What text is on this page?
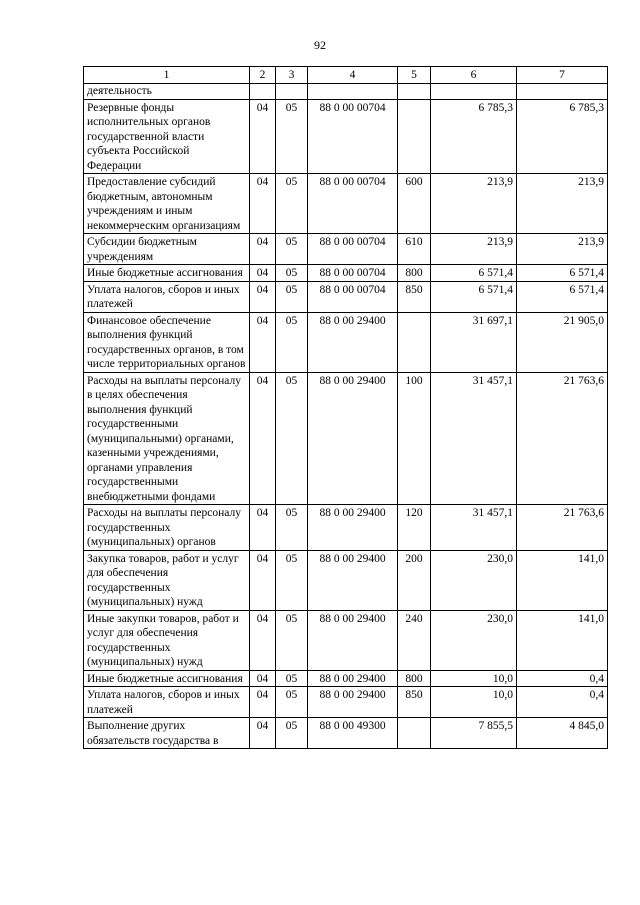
92
1	2	3	4	5	6	7
деятельность						
Резервные фонды исполнительных органов государственной власти субъекта Российской Федерации	04	05	88 0 00 00704		6 785,3	6 785,3
Предоставление субсидий бюджетным, автономным учреждениям и иным некоммерческим организациям	04	05	88 0 00 00704	600	213,9	213,9
Субсидии бюджетным учреждениям	04	05	88 0 00 00704	610	213,9	213,9
Иные бюджетные ассигнования	04	05	88 0 00 00704	800	6 571,4	6 571,4
Уплата налогов, сборов и иных платежей	04	05	88 0 00 00704	850	6 571,4	6 571,4
Финансовое обеспечение выполнения функций государственных органов, в том числе территориальных органов	04	05	88 0 00 29400		31 697,1	21 905,0
Расходы на выплаты персоналу в целях обеспечения выполнения функций государственными (муниципальными) органами, казенными учреждениями, органами управления государственными внебюджетными фондами	04	05	88 0 00 29400	100	31 457,1	21 763,6
Расходы на выплаты персоналу государственных (муниципальных) органов	04	05	88 0 00 29400	120	31 457,1	21 763,6
Закупка товаров, работ и услуг для обеспечения государственных (муниципальных) нужд	04	05	88 0 00 29400	200	230,0	141,0
Иные закупки товаров, работ и услуг для обеспечения государственных (муниципальных) нужд	04	05	88 0 00 29400	240	230,0	141,0
Иные бюджетные ассигнования	04	05	88 0 00 29400	800	10,0	0,4
Уплата налогов, сборов и иных платежей	04	05	88 0 00 29400	850	10,0	0,4
Выполнение других обязательств государства в	04	05	88 0 00 49300		7 855,5	4 845,0
